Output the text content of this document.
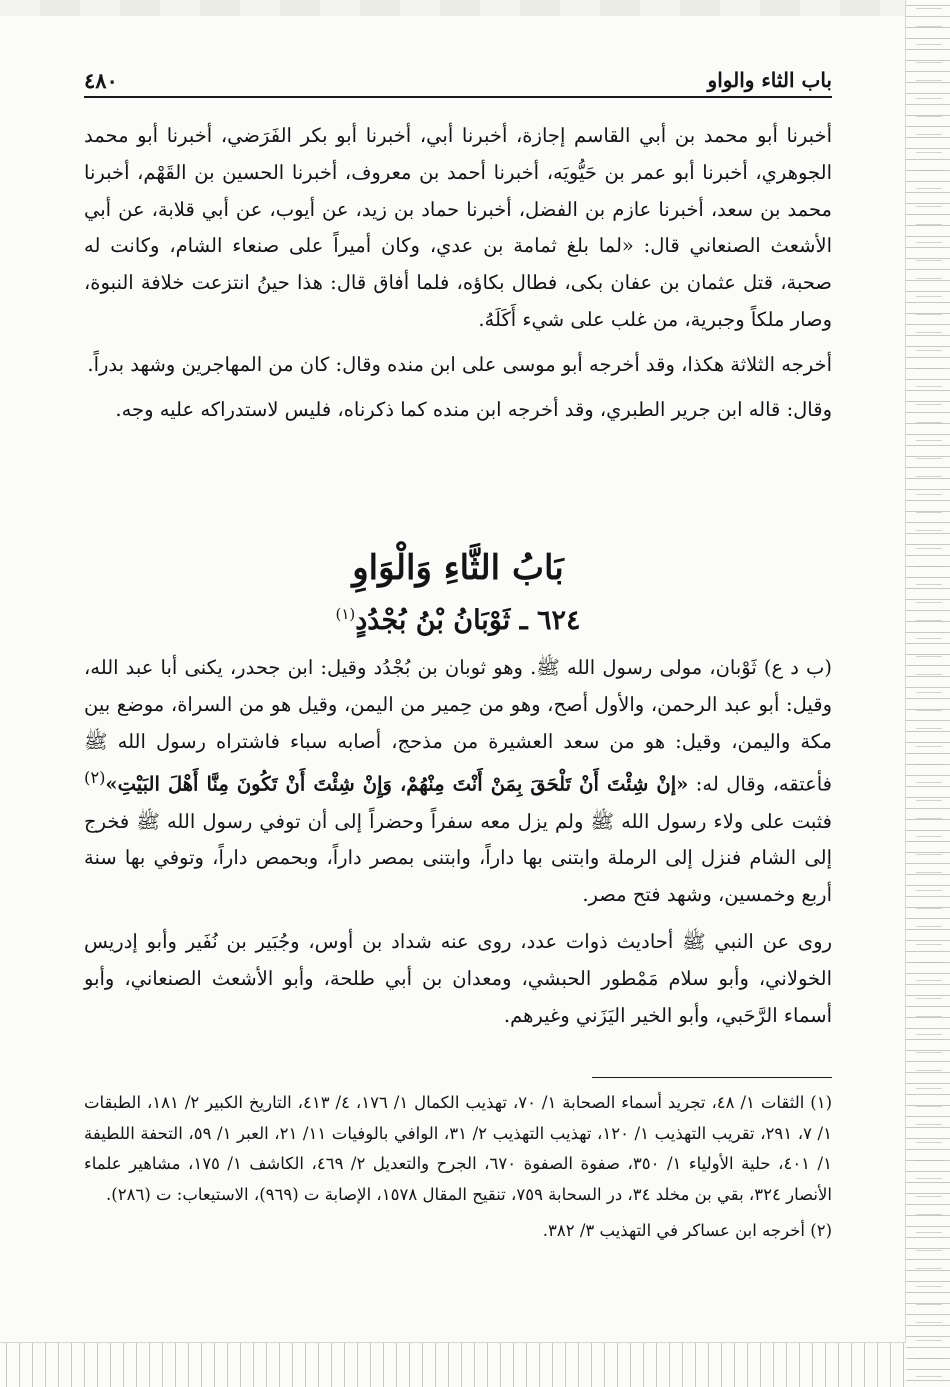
باب الثاء والواو
٤٨٠

أخبرنا أبو محمد بن أبي القاسم إجازة، أخبرنا أبي، أخبرنا أبو بكر الفَرَضي، أخبرنا أبو محمد الجوهري، أخبرنا أبو عمر بن حَيُّويَه، أخبرنا أحمد بن معروف، أخبرنا الحسين بن القَهْم، أخبرنا محمد بن سعد، أخبرنا عازم بن الفضل، أخبرنا حماد بن زيد، عن أيوب، عن أبي قلابة، عن أبي الأشعث الصنعاني قال: «لما بلغ ثمامة بن عدي، وكان أميراً على صنعاء الشام، وكانت له صحبة، قتل عثمان بن عفان بكى، فطال بكاؤه، فلما أفاق قال: هذا حينُ انتزعت خلافة النبوة، وصار ملكاً وجبرية، من غلب على شيء أَكَلَهُ.

أخرجه الثلاثة هكذا، وقد أخرجه أبو موسى على ابن منده وقال: كان من المهاجرين وشهد بدراً.

وقال: قاله ابن جرير الطبري، وقد أخرجه ابن منده كما ذكرناه، فليس لاستدراكه عليه وجه.

بَابُ الثَّاءِ وَالْوَاوِ
٦٢٤ ـ ثَوْبَانُ بْنُ بُجْدُدٍ$^{(١)}$

(ب د ع) ثَوْبان، مولى رسول الله ﷺ. وهو ثوبان بن بُجْدُد وقيل: ابن جحدر، يكنى أبا عبد الله، وقيل: أبو عبد الرحمن، والأول أصح، وهو من حِمير من اليمن، وقيل هو من السراة، موضع بين مكة واليمن، وقيل: هو من سعد العشيرة من مذحج، أصابه سباء فاشتراه رسول الله ﷺ فأعتقه، وقال له: «إنْ شِئْتَ أَنْ تَلْحَقَ بِمَنْ أَنْتَ مِنْهُمْ، وَإِنْ شِئْتَ أَنْ تَكُونَ مِنَّا أَهْلَ البَيْتِ»$^{(٢)}$ فثبت على ولاء رسول الله ﷺ ولم يزل معه سفراً وحضراً إلى أن توفي رسول الله ﷺ فخرج إلى الشام فنزل إلى الرملة وابتنى بها داراً، وابتنى بمصر داراً، وبحمص داراً، وتوفي بها سنة أربع وخمسين، وشهد فتح مصر.

روى عن النبي ﷺ أحاديث ذوات عدد، روى عنه شداد بن أوس، وجُبَير بن نُفَير وأبو إدريس الخولاني، وأبو سلام مَمْطور الحبشي، ومعدان بن أبي طلحة، وأبو الأشعث الصنعاني، وأبو أسماء الرَّحَبي، وأبو الخير اليَزَني وغيرهم.

(١) الثقات ١/ ٤٨، تجريد أسماء الصحابة ١/ ٧٠، تهذيب الكمال ١/ ١٧٦، ٤/ ٤١٣، التاريخ الكبير ٢/ ١٨١، الطبقات ١/ ٧، ٢٩١، تقريب التهذيب ١/ ١٢٠، تهذيب التهذيب ٢/ ٣١، الوافي بالوفيات ١١/ ٢١، العبر ١/ ٥٩، التحفة اللطيفة ١/ ٤٠١، حلية الأولياء ١/ ٣٥٠، صفوة الصفوة ٦٧٠، الجرح والتعديل ٢/ ٤٦٩، الكاشف ١/ ١٧٥، مشاهير علماء الأنصار ٣٢٤، بقي بن مخلد ٣٤، در السحابة ٧٥٩، تنقيح المقال ١٥٧٨، الإصابة ت (٩٦٩)، الاستيعاب: ت (٢٨٦).

(٢) أخرجه ابن عساكر في التهذيب ٣/ ٣٨٢.
